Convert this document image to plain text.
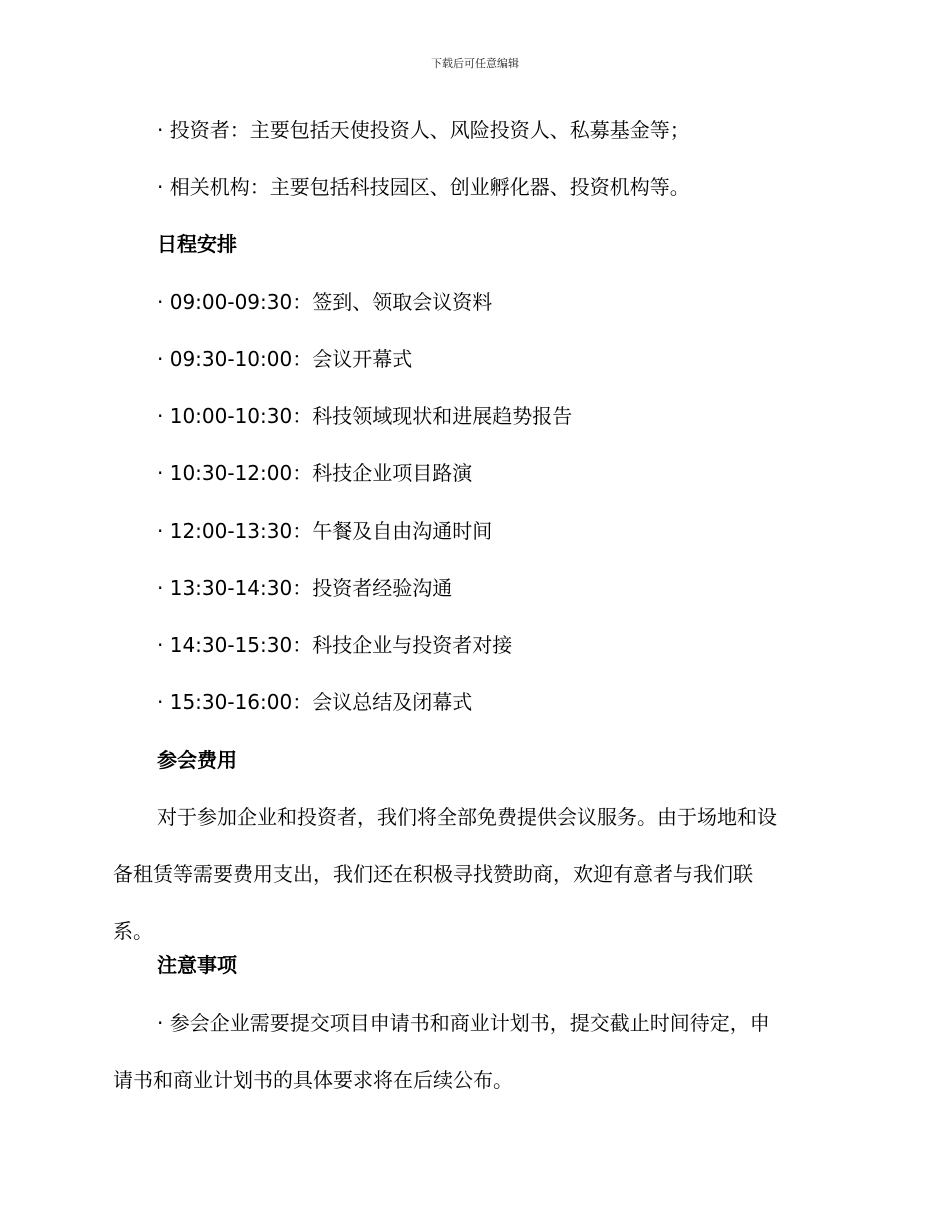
下载后可任意编辑
· 投资者：主要包括天使投资人、风险投资人、私募基金等；
· 相关机构：主要包括科技园区、创业孵化器、投资机构等。
日程安排
· 09:00-09:30：签到、领取会议资料
· 09:30-10:00：会议开幕式
· 10:00-10:30：科技领域现状和进展趋势报告
· 10:30-12:00：科技企业项目路演
· 12:00-13:30：午餐及自由沟通时间
· 13:30-14:30：投资者经验沟通
· 14:30-15:30：科技企业与投资者对接
· 15:30-16:00：会议总结及闭幕式
参会费用
对于参加企业和投资者，我们将全部免费提供会议服务。由于场地和设
备租赁等需要费用支出，我们还在积极寻找赞助商，欢迎有意者与我们联
系。
注意事项
· 参会企业需要提交项目申请书和商业计划书，提交截止时间待定，申
请书和商业计划书的具体要求将在后续公布。
